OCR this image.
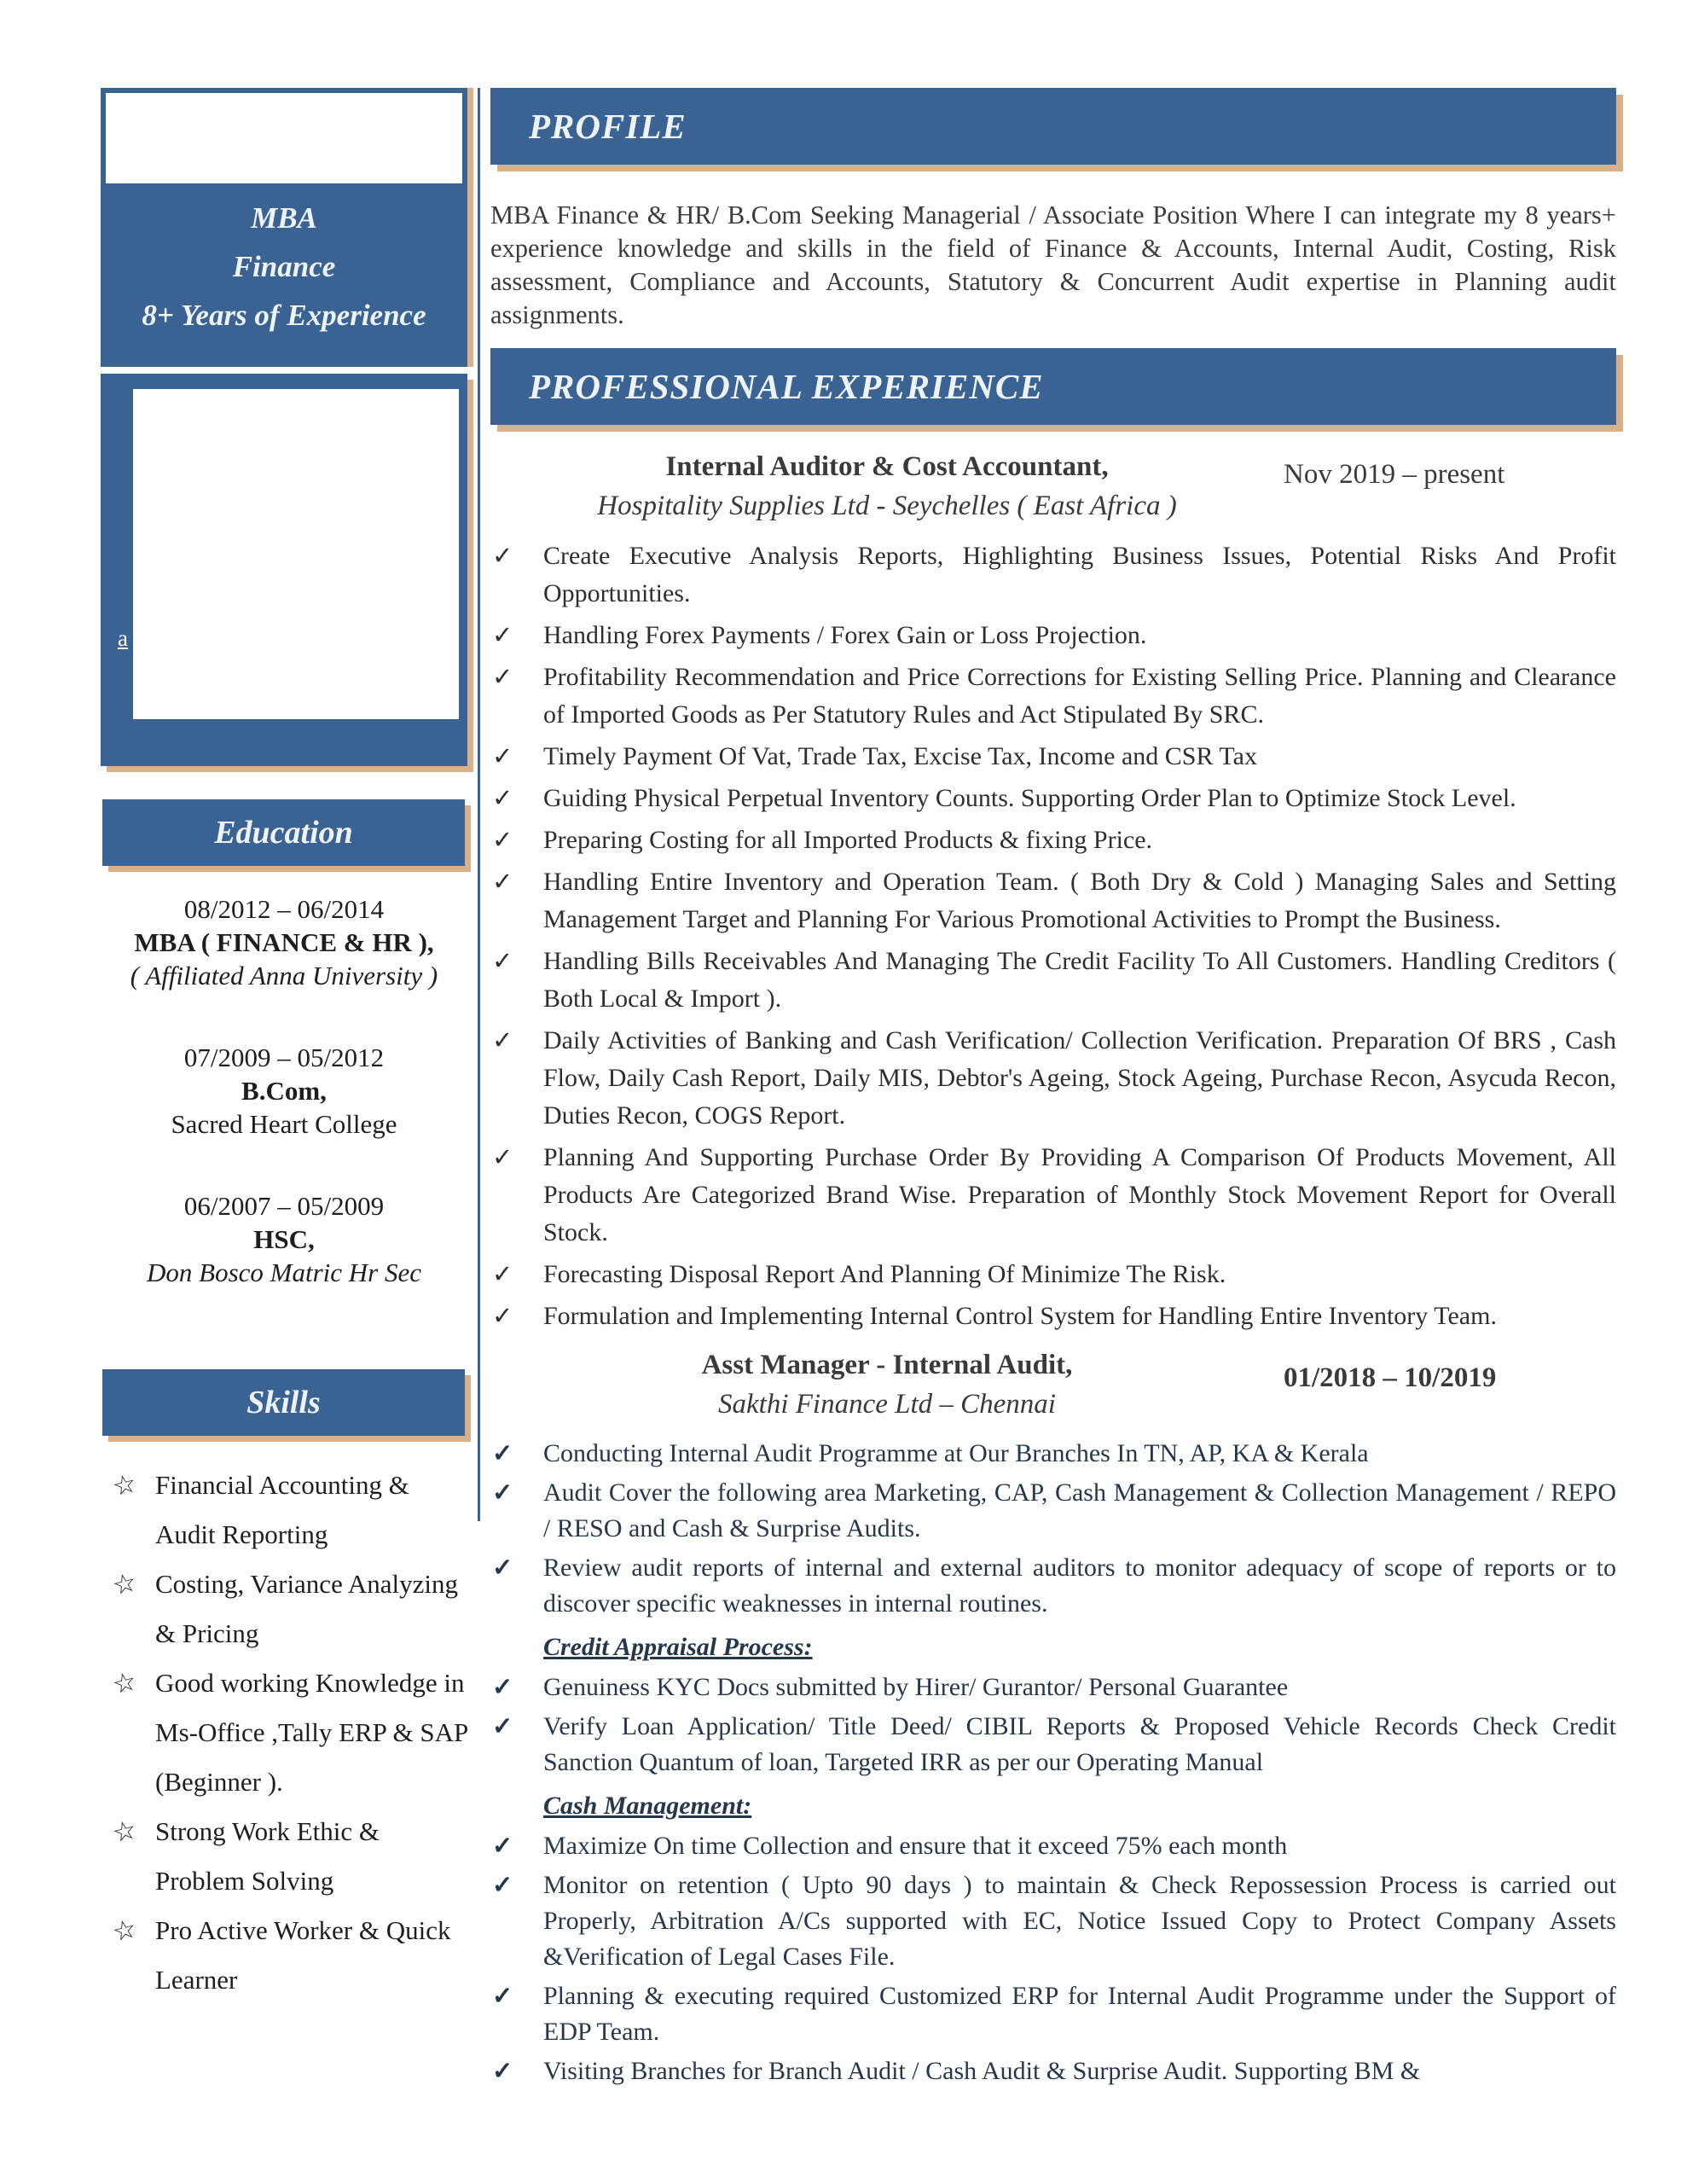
MBA
Finance
8+ Years of Experience
a
Education
08/2012 – 06/2014
MBA ( FINANCE & HR ),
( Affiliated Anna University )
07/2009 – 05/2012
B.Com,
Sacred Heart College
06/2007 – 05/2009
HSC,
Don Bosco Matric Hr Sec
Skills
☆ Financial Accounting & Audit Reporting
☆ Costing, Variance Analyzing & Pricing
☆ Good working Knowledge in Ms-Office ,Tally ERP & SAP (Beginner ).
☆ Strong Work Ethic & Problem Solving
☆ Pro Active Worker & Quick Learner
PROFILE
MBA Finance & HR/ B.Com Seeking Managerial / Associate Position Where I can integrate my 8 years+ experience knowledge and skills in the field of Finance & Accounts, Internal Audit, Costing, Risk assessment, Compliance and Accounts, Statutory & Concurrent Audit expertise in Planning audit assignments.
PROFESSIONAL EXPERIENCE
Internal Auditor & Cost Accountant,
Hospitality Supplies Ltd - Seychelles ( East Africa )
Nov 2019 – present
✓ Create Executive Analysis Reports, Highlighting Business Issues, Potential Risks And Profit Opportunities.
✓ Handling Forex Payments / Forex Gain or Loss Projection.
✓ Profitability Recommendation and Price Corrections for Existing Selling Price. Planning and Clearance of Imported Goods as Per Statutory Rules and Act Stipulated By SRC.
✓ Timely Payment Of Vat, Trade Tax, Excise Tax, Income and CSR Tax
✓ Guiding Physical Perpetual Inventory Counts. Supporting Order Plan to Optimize Stock Level.
✓ Preparing Costing for all Imported Products & fixing Price.
✓ Handling Entire Inventory and Operation Team. ( Both Dry & Cold ) Managing Sales and Setting Management Target and Planning For Various Promotional Activities to Prompt the Business.
✓ Handling Bills Receivables And Managing The Credit Facility To All Customers. Handling Creditors ( Both Local & Import ).
✓ Daily Activities of Banking and Cash Verification/ Collection Verification. Preparation Of BRS , Cash Flow, Daily Cash Report, Daily MIS, Debtor's Ageing, Stock Ageing, Purchase Recon, Asycuda Recon, Duties Recon, COGS Report.
✓ Planning And Supporting Purchase Order By Providing A Comparison Of Products Movement, All Products Are Categorized Brand Wise. Preparation of Monthly Stock Movement Report for Overall Stock.
✓ Forecasting Disposal Report And Planning Of Minimize The Risk.
✓ Formulation and Implementing Internal Control System for Handling Entire Inventory Team.
Asst Manager - Internal Audit,
Sakthi Finance Ltd – Chennai
01/2018 – 10/2019
✓ Conducting Internal Audit Programme at Our Branches In TN, AP, KA & Kerala
✓ Audit Cover the following area Marketing, CAP, Cash Management & Collection Management / REPO / RESO and Cash & Surprise Audits.
✓ Review audit reports of internal and external auditors to monitor adequacy of scope of reports or to discover specific weaknesses in internal routines.
Credit Appraisal Process:
✓ Genuiness KYC Docs submitted by Hirer/ Gurantor/ Personal Guarantee
✓ Verify Loan Application/ Title Deed/ CIBIL Reports & Proposed Vehicle Records Check Credit Sanction Quantum of loan, Targeted IRR as per our Operating Manual
Cash Management:
✓ Maximize On time Collection and ensure that it exceed 75% each month
✓ Monitor on retention ( Upto 90 days ) to maintain & Check Repossession Process is carried out Properly, Arbitration A/Cs supported with EC, Notice Issued Copy to Protect Company Assets &Verification of Legal Cases File.
✓ Planning & executing required Customized ERP for Internal Audit Programme under the Support of EDP Team.
✓ Visiting Branches for Branch Audit / Cash Audit & Surprise Audit. Supporting BM &
